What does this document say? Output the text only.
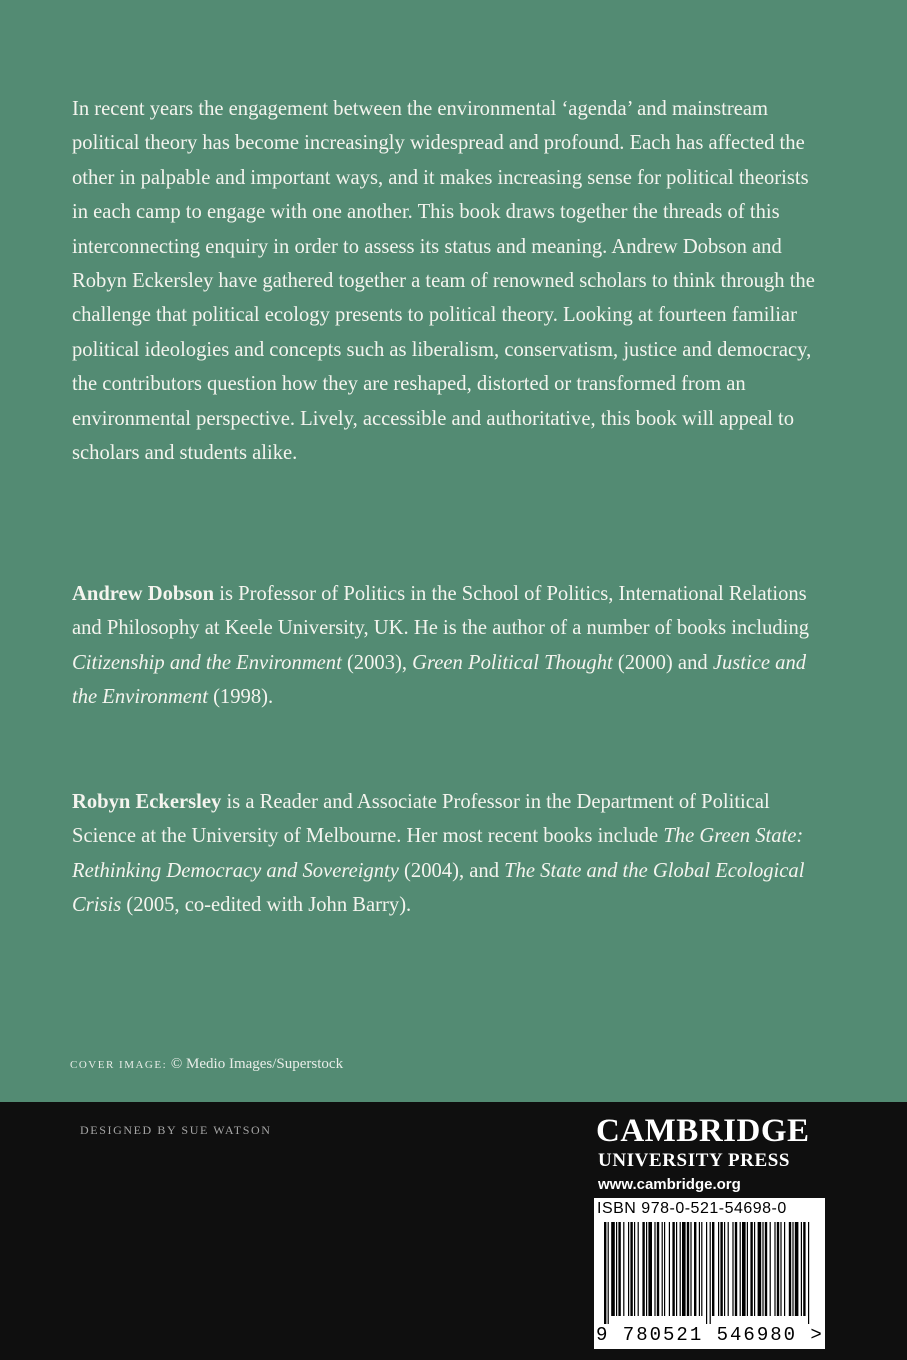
In recent years the engagement between the environmental ‘agenda’ and mainstream political theory has become increasingly widespread and profound. Each has affected the other in palpable and important ways, and it makes increasing sense for political theorists in each camp to engage with one another. This book draws together the threads of this interconnecting enquiry in order to assess its status and meaning. Andrew Dobson and Robyn Eckersley have gathered together a team of renowned scholars to think through the challenge that political ecology presents to political theory. Looking at fourteen familiar political ideologies and concepts such as liberalism, conservatism, justice and democracy, the contributors question how they are reshaped, distorted or transformed from an environmental perspective. Lively, accessible and authoritative, this book will appeal to scholars and students alike.

Andrew Dobson is Professor of Politics in the School of Politics, International Relations and Philosophy at Keele University, UK. He is the author of a number of books including Citizenship and the Environment (2003), Green Political Thought (2000) and Justice and the Environment (1998).

Robyn Eckersley is a Reader and Associate Professor in the Department of Political Science at the University of Melbourne. Her most recent books include The Green State: Rethinking Democracy and Sovereignty (2004), and The State and the Global Ecological Crisis (2005, co-edited with John Barry).

COVER IMAGE: © Medio Images/Superstock
DESIGNED BY SUE WATSON	CAMBRIDGE
UNIVERSITY PRESS
www.cambridge.org
ISBN 978-0-521-54698-0
9 780521 546980 >
